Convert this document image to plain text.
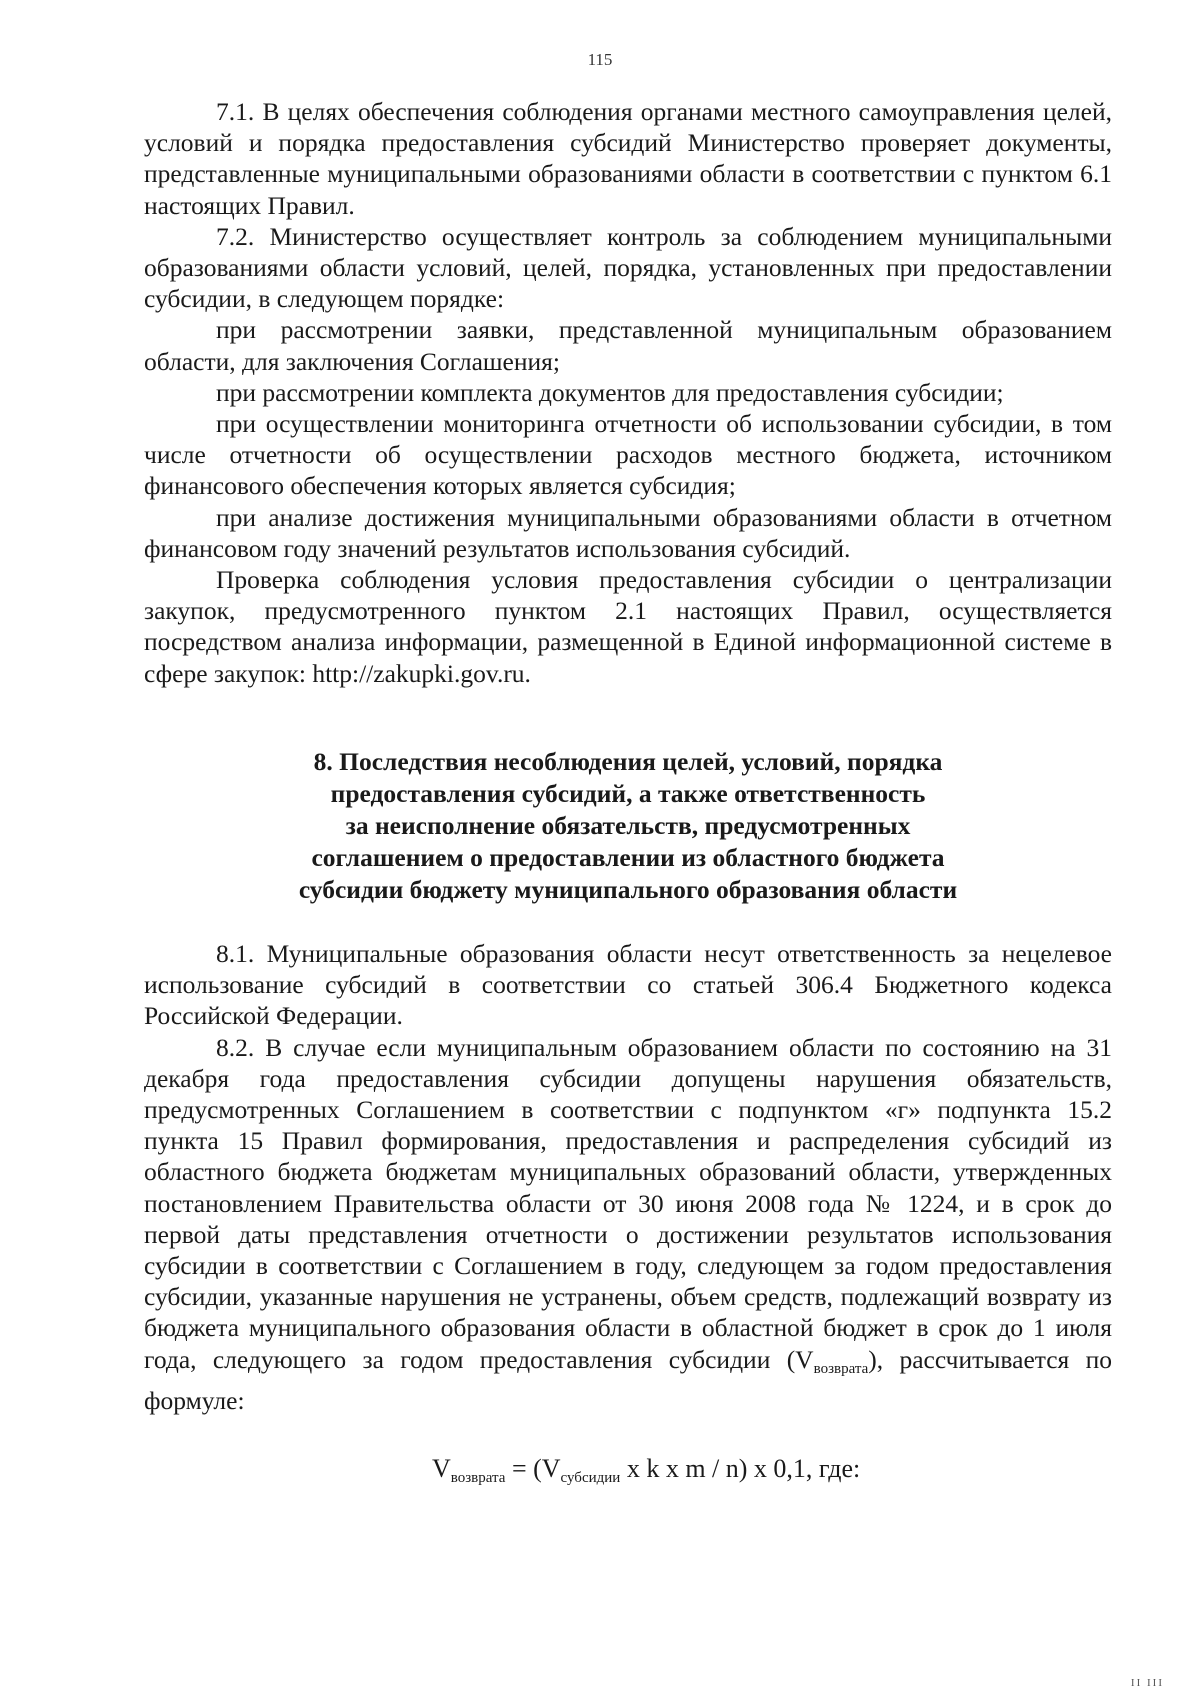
115

7.1. В целях обеспечения соблюдения органами местного самоуправления целей, условий и порядка предоставления субсидий Министерство проверяет документы, представленные муниципальными образованиями области в соответствии с пунктом 6.1 настоящих Правил.

7.2. Министерство осуществляет контроль за соблюдением муниципальными образованиями области условий, целей, порядка, установленных при предоставлении субсидии, в следующем порядке:

при рассмотрении заявки, представленной муниципальным образованием области, для заключения Соглашения;

при рассмотрении комплекта документов для предоставления субсидии;

при осуществлении мониторинга отчетности об использовании субсидии, в том числе отчетности об осуществлении расходов местного бюджета, источником финансового обеспечения которых является субсидия;

при анализе достижения муниципальными образованиями области в отчетном финансовом году значений результатов использования субсидий.

Проверка соблюдения условия предоставления субсидии о централизации закупок, предусмотренного пунктом 2.1 настоящих Правил, осуществляется посредством анализа информации, размещенной в Единой информационной системе в сфере закупок: http://zakupki.gov.ru.

8. Последствия несоблюдения целей, условий, порядка
предоставления субсидий, а также ответственность
за неисполнение обязательств, предусмотренных
соглашением о предоставлении из областного бюджета
субсидии бюджету муниципального образования области

8.1. Муниципальные образования области несут ответственность за нецелевое использование субсидий в соответствии со статьей 306.4 Бюджетного кодекса Российской Федерации.

8.2. В случае если муниципальным образованием области по состоянию на 31 декабря года предоставления субсидии допущены нарушения обязательств, предусмотренных Соглашением в соответствии с подпунктом «г» подпункта 15.2 пункта 15 Правил формирования, предоставления и распределения субсидий из областного бюджета бюджетам муниципальных образований области, утвержденных постановлением Правительства области от 30 июня 2008 года № 1224, и в срок до первой даты представления отчетности о достижении результатов использования субсидии в соответствии с Соглашением в году, следующем за годом предоставления субсидии, указанные нарушения не устранены, объем средств, подлежащий возврату из бюджета муниципального образования области в областной бюджет в срок до 1 июля года, следующего за годом предоставления субсидии $(V_{возврата})$, рассчитывается по формуле:

$V_{возврата} = (V_{субсидии}$ x k x m / n) x 0,1, где:
ІІ ІІІ
